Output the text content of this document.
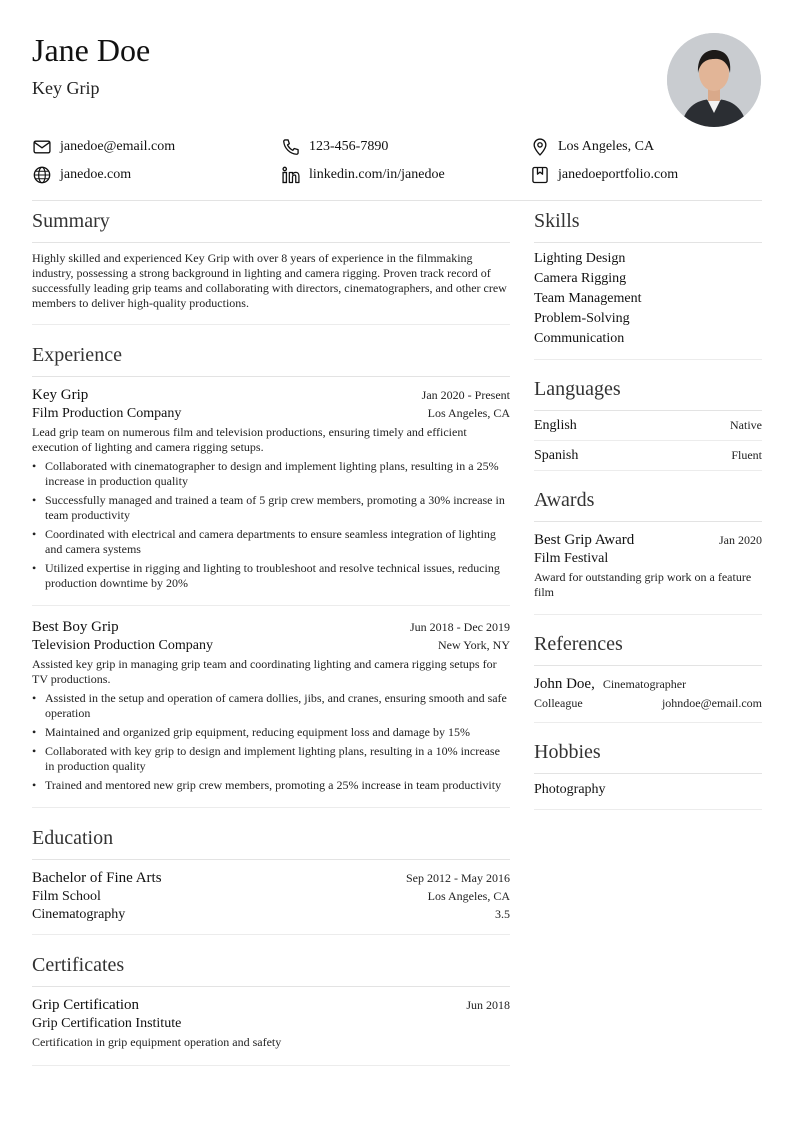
Jane Doe
Key Grip
janedoe@email.com	123-456-7890	Los Angeles, CA
janedoe.com	linkedin.com/in/janedoe	janedoeportfolio.com
Summary

Highly skilled and experienced Key Grip with over 8 years of experience in the filmmaking industry, possessing a strong background in lighting and camera rigging. Proven track record of successfully leading grip teams and collaborating with directors, cinematographers, and other crew members to deliver high-quality productions.

Experience
Key Grip	Jan 2020 - Present
Film Production Company	Los Angeles, CA

Lead grip team on numerous film and television productions, ensuring timely and efficient execution of lighting and camera rigging setups.

• Collaborated with cinematographer to design and implement lighting plans, resulting in a 25% increase in production quality
• Successfully managed and trained a team of 5 grip crew members, promoting a 30% increase in team productivity
• Coordinated with electrical and camera departments to ensure seamless integration of lighting and camera systems
• Utilized expertise in rigging and lighting to troubleshoot and resolve technical issues, reducing production downtime by 20%
Best Boy Grip	Jun 2018 - Dec 2019
Television Production Company	New York, NY

Assisted key grip in managing grip team and coordinating lighting and camera rigging setups for TV productions.

• Assisted in the setup and operation of camera dollies, jibs, and cranes, ensuring smooth and safe operation
• Maintained and organized grip equipment, reducing equipment loss and damage by 15%
• Collaborated with key grip to design and implement lighting plans, resulting in a 10% increase in production quality
• Trained and mentored new grip crew members, promoting a 25% increase in team productivity
Education
Bachelor of Fine Arts	Sep 2012 - May 2016
Film School	Los Angeles, CA
Cinematography	3.5
Certificates
Grip Certification	Jun 2018
Grip Certification Institute

Certification in grip equipment operation and safety

Skills
Lighting Design
Camera Rigging
Team Management
Problem-Solving
Communication
Languages
English	Native
Spanish	Fluent
Awards
Best Grip Award	Jan 2020
Film Festival

Award for outstanding grip work on a feature film

References
John Doe, Cinematographer
Colleague	johndoe@email.com
Hobbies
Photography
